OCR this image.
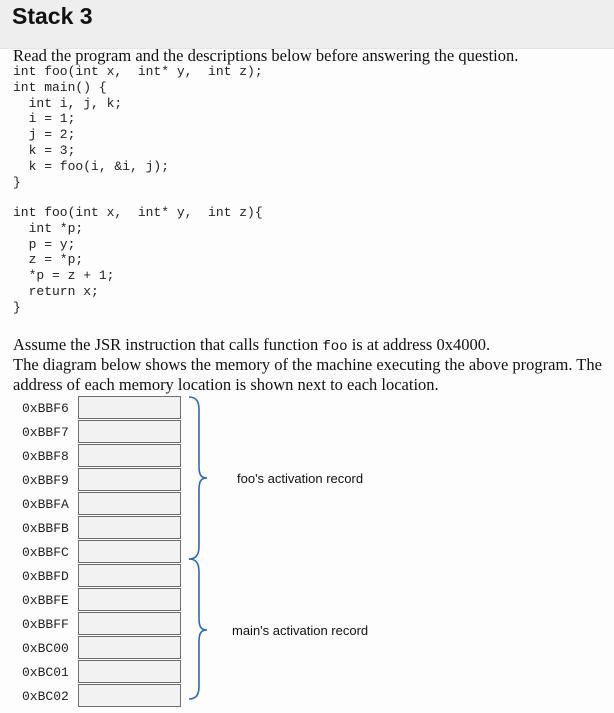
Stack 3
Read the program and the descriptions below before answering the question.
int foo(int x,  int* y,  int z);
int main() {
int i, j, k;
i = 1;
j = 2;
k = 3;
k = foo(i, &i, j);
}
int foo(int x,  int* y,  int z){
int *p;
p = y;
z = *p;
*p = z + 1;
return x;
}
Assume the JSR instruction that calls function foo is at address 0x4000.
The diagram below shows the memory of the machine executing the above program. The
address of each memory location is shown next to each location.
0xBBF6
0xBBF7
0xBBF8
0xBBF9
0xBBFA
0xBBFB
0xBBFC
0xBBFD
0xBBFE
0xBBFF
0xBC00
0xBC01
0xBC02
foo's activation record
main's activation record
